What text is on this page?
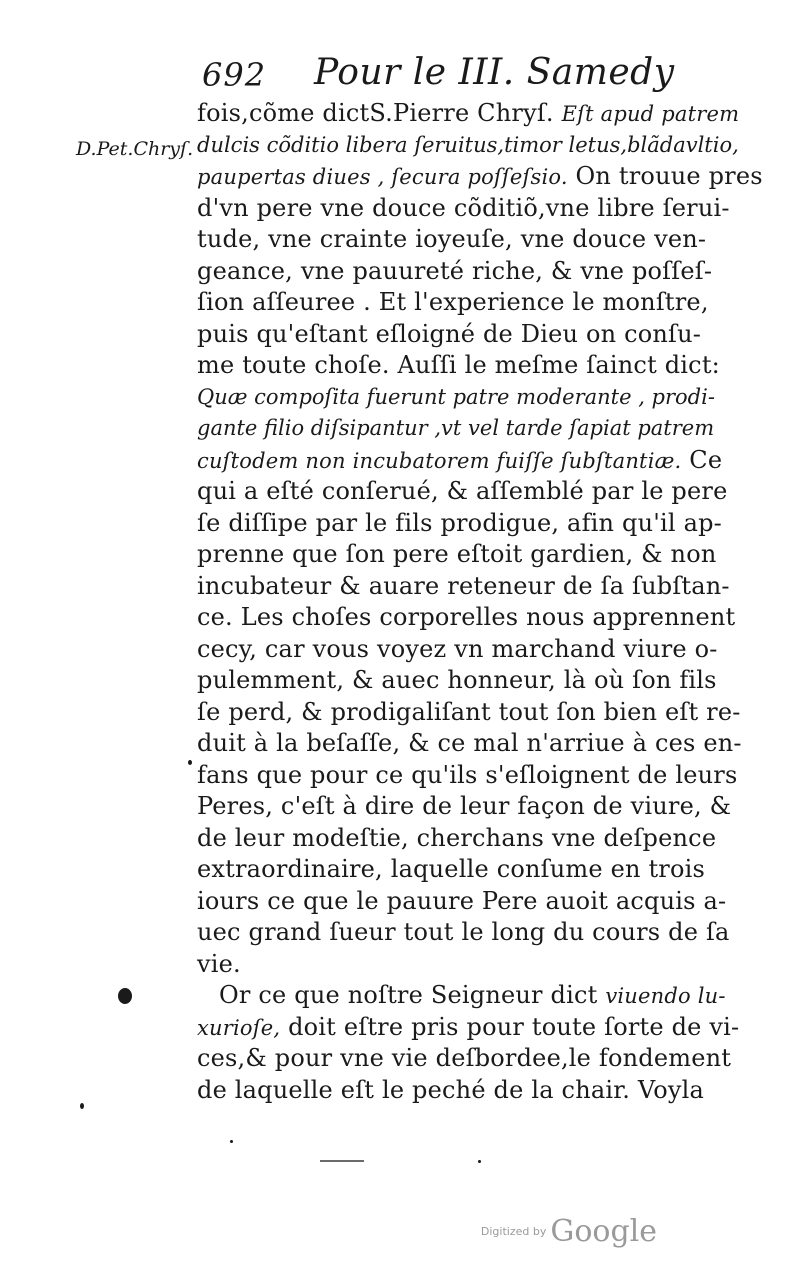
692 Pour le III. Samedy
D.Pet.Chryſ.
fois,cõme dictS.Pierre Chryſ. Eſt apud patrem
dulcis cõditio libera ſeruitus,timor letus,blãdavltio,
paupertas diues , ſecura poſſeſsio. On trouue pres
d'vn pere vne douce cõditiõ,vne libre ſerui-
tude, vne crainte ioyeuſe, vne douce ven-
geance, vne pauureté riche, & vne poſſeſ-
ſion aſſeuree . Et l'experience le monſtre,
puis qu'eſtant eſloigné de Dieu on conſu-
me toute choſe. Auſſi le meſme ſainct dict:
Quæ compoſita fuerunt patre moderante , prodi-
gante filio diſsipantur ,vt vel tarde ſapiat patrem
cuſtodem non incubatorem fuiſſe ſubſtantiæ. Ce
qui a eſté conſerué, & aſſemblé par le pere
ſe diſſipe par le fils prodigue, afin qu'il ap-
prenne que ſon pere eſtoit gardien, & non
incubateur & auare reteneur de ſa ſubſtan-
ce. Les choſes corporelles nous apprennent
cecy, car vous voyez vn marchand viure o-
pulemment, & auec honneur, là où ſon fils
ſe perd, & prodigaliſant tout ſon bien eſt re-
duit à la beſaſſe, & ce mal n'arriue à ces en-
fans que pour ce qu'ils s'eſloignent de leurs
Peres, c'eſt à dire de leur façon de viure, &
de leur modeſtie, cherchans vne deſpence
extraordinaire, laquelle conſume en trois
iours ce que le pauure Pere auoit acquis a-
uec grand ſueur tout le long du cours de ſa
vie.
Or ce que noſtre Seigneur dict viuendo lu-
xurioſe, doit eſtre pris pour toute ſorte de vi-
ces,& pour vne vie deſbordee,le fondement
de laquelle eſt le peché de la chair. Voyla
Digitized by Google
